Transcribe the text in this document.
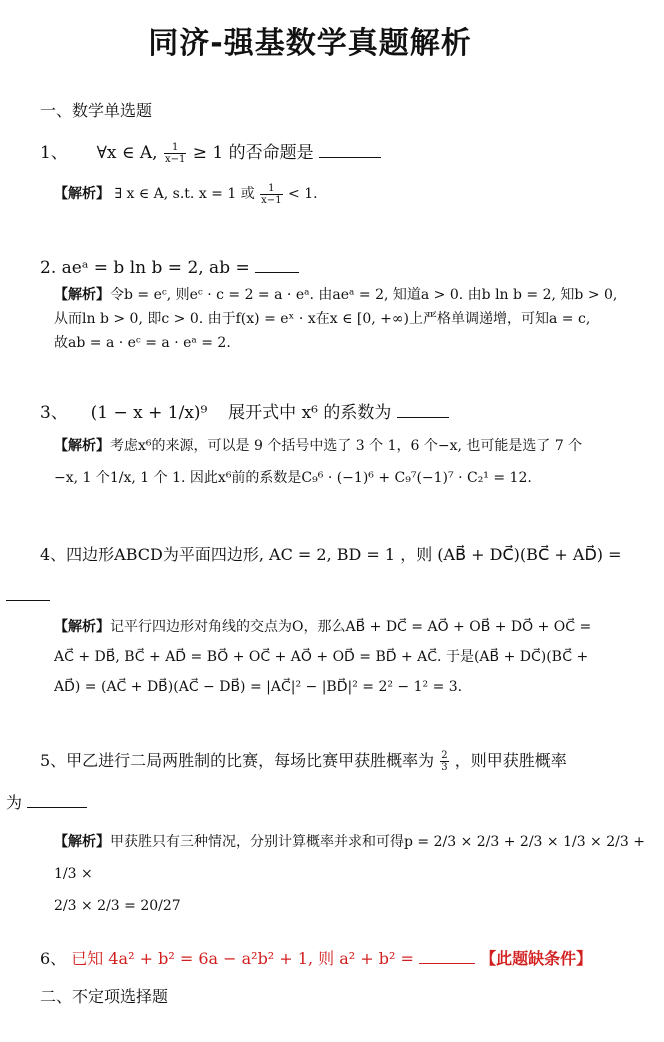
同济-强基数学真题解析
一、数学单选题
1、 ∀x ∈ A, $\frac{1}{x-1} \ge 1$ 的否命题是
【解析】 ∃ x ∈ A, s.t. x = 1 或 $\frac{1}{x-1} < 1$.
2. aeᵃ = b ln b = 2, ab =
【解析】令b = eᶜ, 则eᶜ · c = 2 = a · eᵃ. 由aeᵃ = 2, 知道a > 0. 由b ln b = 2, 知b > 0,
从而ln b > 0, 即c > 0. 由于f(x) = eˣ · x在x ∈ [0, +∞)上严格单调递增，可知a = c,
故ab = a · eᶜ = a · eᵃ = 2.
3、 (1 − x + 1/x)⁹ 展开式中 x⁶ 的系数为
【解析】考虑x⁶的来源，可以是 9 个括号中选了 3 个 1，6 个−x, 也可能是选了 7 个
−x, 1 个1/x, 1 个 1. 因此x⁶前的系数是C₉⁶ · (−1)⁶ + C₉⁷(−1)⁷ · C₂¹ = 12.
4、四边形ABCD为平面四边形, AC = 2, BD = 1 ，则 (AB⃗ + DC⃗)(BC⃗ + AD⃗) =
【解析】记平行四边形对角线的交点为O，那么AB⃗ + DC⃗ = AO⃗ + OB⃗ + DO⃗ + OC⃗ =
AC⃗ + DB⃗, BC⃗ + AD⃗ = BO⃗ + OC⃗ + AO⃗ + OD⃗ = BD⃗ + AC⃗. 于是(AB⃗ + DC⃗)(BC⃗ +
AD⃗) = (AC⃗ + DB⃗)(AC⃗ − DB⃗) = |AC⃗|² − |BD⃗|² = 2² − 1² = 3.
5、甲乙进行二局两胜制的比赛，每场比赛甲获胜概率为 $\frac{2}{3}$ ，则甲获胜概率
为
【解析】甲获胜只有三种情况，分别计算概率并求和可得p = 2/3 × 2/3 + 2/3 × 1/3 × 2/3 + 1/3 ×
2/3 × 2/3 = 20/27
6、 已知 4a² + b² = 6a − a²b² + 1, 则 a² + b² =	【此题缺条件】
二、不定项选择题
